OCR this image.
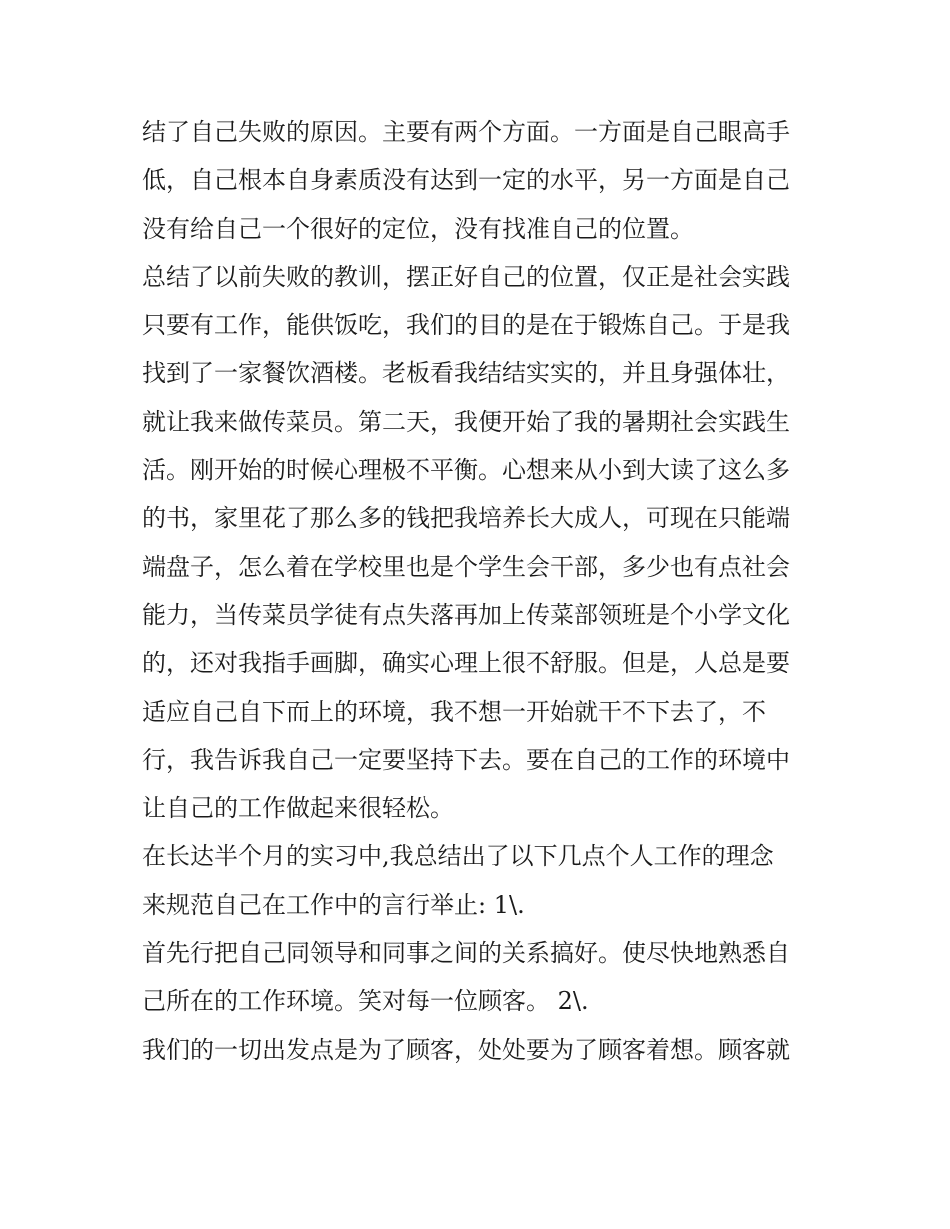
结了自己失败的原因。主要有两个方面。一方面是自己眼高手
低，自己根本自身素质没有达到一定的水平，另一方面是自己
没有给自己一个很好的定位，没有找准自己的位置。

总结了以前失败的教训，摆正好自己的位置，仅正是社会实践
只要有工作，能供饭吃，我们的目的是在于锻炼自己。于是我
找到了一家餐饮酒楼。老板看我结结实实的，并且身强体壮，
就让我来做传菜员。第二天，我便开始了我的暑期社会实践生
活。刚开始的时候心理极不平衡。心想来从小到大读了这么多
的书，家里花了那么多的钱把我培养长大成人，可现在只能端
端盘子，怎么着在学校里也是个学生会干部，多少也有点社会
能力，当传菜员学徒有点失落再加上传菜部领班是个小学文化
的，还对我指手画脚，确实心理上很不舒服。但是，人总是要
适应自己自下而上的环境，我不想一开始就干不下去了，不
行，我告诉我自己一定要坚持下去。要在自己的工作的环境中
让自己的工作做起来很轻松。

在长达半个月的实习中,我总结出了以下几点个人工作的理念
来规范自己在工作中的言行举止: 1\.

首先行把自己同领导和同事之间的关系搞好。使尽快地熟悉自
己所在的工作环境。笑对每一位顾客。 2\.

我们的一切出发点是为了顾客，处处要为了顾客着想。顾客就
